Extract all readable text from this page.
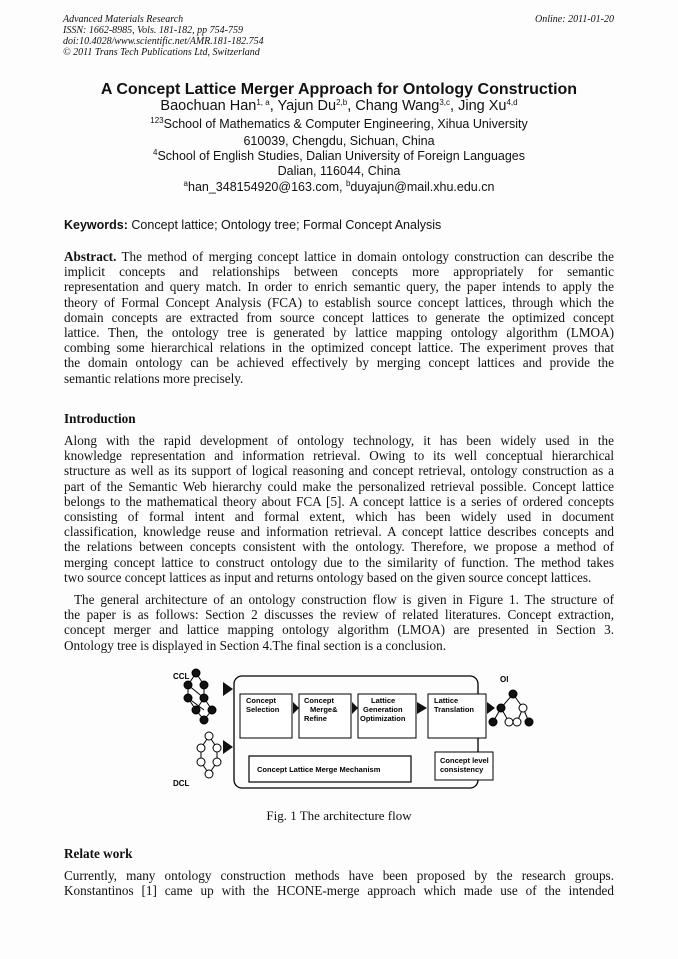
Advanced Materials Research
ISSN: 1662-8985, Vols. 181-182, pp 754-759
doi:10.4028/www.scientific.net/AMR.181-182.754
© 2011 Trans Tech Publications Ltd, Switzerland
Online: 2011-01-20
A Concept Lattice Merger Approach for Ontology Construction
Baochuan Han$^{1, a}$, Yajun Du$^{2,b}$, Chang Wang$^{3,c}$, Jing Xu$^{4,d}$
$^{123}$School of Mathematics & Computer Engineering, Xihua University
610039, Chengdu, Sichuan, China
$^4$School of English Studies, Dalian University of Foreign Languages
Dalian, 116044, China
$^a$han_348154920@163.com, $^b$duyajun@mail.xhu.edu.cn
Keywords: Concept lattice; Ontology tree; Formal Concept Analysis
Abstract. The method of merging concept lattice in domain ontology construction can describe the
implicit concepts and relationships between concepts more appropriately for semantic
representation and query match. In order to enrich semantic query, the paper intends to apply the
theory of Formal Concept Analysis (FCA) to establish source concept lattices, through which the
domain concepts are extracted from source concept lattices to generate the optimized concept
lattice. Then, the ontology tree is generated by lattice mapping ontology algorithm (LMOA)
combing some hierarchical relations in the optimized concept lattice. The experiment proves that
the domain ontology can be achieved effectively by merging concept lattices and provide the
semantic relations more precisely.
Introduction
Along with the rapid development of ontology technology, it has been widely used in the
knowledge representation and information retrieval. Owing to its well conceptual hierarchical
structure as well as its support of logical reasoning and concept retrieval, ontology construction as a
part of the Semantic Web hierarchy could make the personalized retrieval possible. Concept lattice
belongs to the mathematical theory about FCA [5]. A concept lattice is a series of ordered concepts
consisting of formal intent and formal extent, which has been widely used in document
classification, knowledge reuse and information retrieval. A concept lattice describes concepts and
the relations between concepts consistent with the ontology. Therefore, we propose a method of
merging concept lattice to construct ontology due to the similarity of function. The method takes
two source concept lattices as input and returns ontology based on the given source concept lattices.
The general architecture of an ontology construction flow is given in Figure 1. The structure of
the paper is as follows: Section 2 discusses the review of related literatures. Concept extraction,
concept merger and lattice mapping ontology algorithm (LMOA) are presented in Section 3.
Ontology tree is displayed in Section 4.The final section is a conclusion.
CCL
DCL
Concept
Selection
Concept
Merge&
Refine
Lattice
Generation
Optimization
Lattice
Translation
Concept Lattice Merge Mechanism
Concept level
consistency
Ol
Fig. 1 The architecture flow
Relate work
Currently, many ontology construction methods have been proposed by the research groups.
Konstantinos [1] came up with the HCONE-merge approach which made use of the intended
